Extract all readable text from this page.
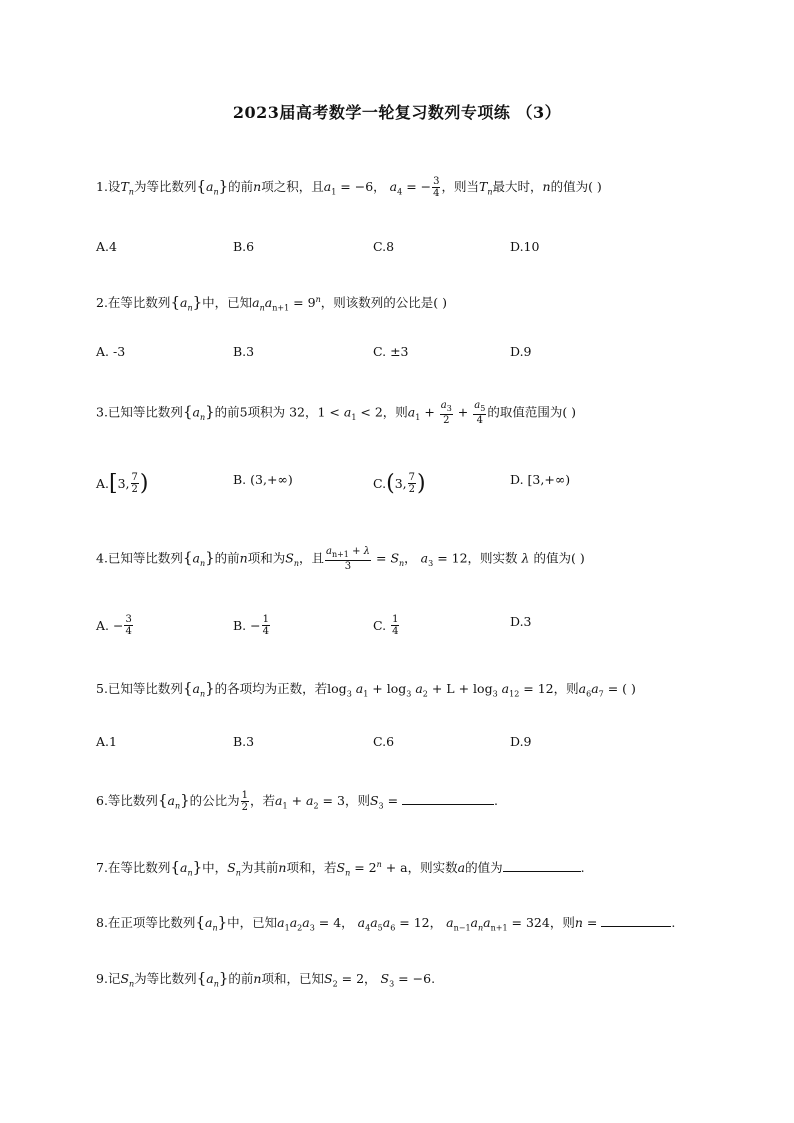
2023届高考数学一轮复习数列专项练 （3）
1.设$T_n$为等比数列$\{a_n\}$的前n项之积，且$a_1 = -6$， $a_4$ = − $\frac{3}{4}$ ，则当$T_n$最大时，n的值为( )
A.4	B.6	C.8	D.10
2.在等比数列$\{a_n\}$中，已知$a_na_{n+1} = 9^n$，则该数列的公比是( )
A. -3	B.3	C. ±3	D.9
3.已知等比数列$\{a_n\}$的前5项积为 32，$1 < a_1 < 2$，则$a_1 + \frac{a_3}{2} + \frac{a_5}{4}$ 的取值范围为( )
A. [ 3, $\frac{7}{2}$ )	B.
(3,+∞)	C. ( 3, $\frac{7}{2}$ )	D.
[3,+∞)
4.已知等比数列$\{a_n\}$的前n项和为$S_n$，且 $\frac{a_{n+1} + \lambda}{3} = S_n$， $a_3 = 12$，则实数 λ 的值为( )
A.
− $\frac{3}{4}$	B.
− $\frac{1}{4}$	C.
$\frac{1}{4}$	D.3
5.已知等比数列$\{a_n\}$的各项均为正数，若$\log_3 a_1 + \log_3 a_2 + L + \log_3 a_{12} = 12$，则$a_6a_7$ = ( )
A.1	B.3	C.6	D.9
6.等比数列$\{a_n\}$的公比为 $\frac{1}{2}$ ，若$a_1 + a_2 = 3$，则$S_3$ =	.
7.在等比数列$\{a_n\}$中，$S_n$为其前n项和，若$S_n = 2^n + a$，则实数a的值为	.
8.在正项等比数列$\{a_n\}$中，已知$a_1a_2a_3 = 4$， $a_4a_5a_6 = 12$， $a_{n-1}a_na_{n+1} = 324$，则n =	.
9.记$S_n$为等比数列$\{a_n\}$的前n项和，已知$S_2 = 2$， $S_3 = -6$.
